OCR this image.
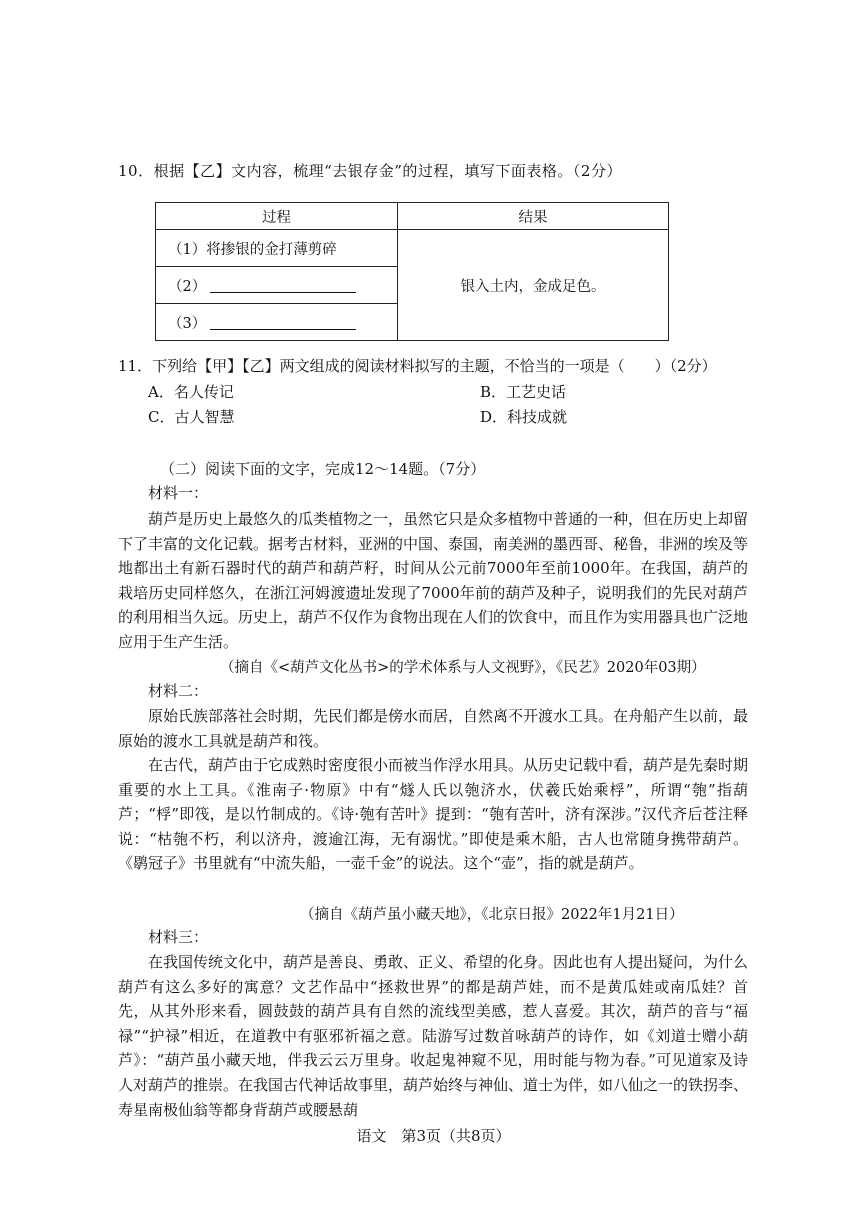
10．根据【乙】文内容，梳理“去银存金”的过程，填写下面表格。（2分）
过程	结果
（1）将掺银的金打薄剪碎	银入土内，金成足色。
（2）	
（3）	
11．下列给【甲】【乙】两文组成的阅读材料拟写的主题，不恰当的一项是（　　）（2分）
A．名人传记	B．工艺史话
C．古人智慧	D．科技成就
（二）阅读下面的文字，完成12～14题。（7分）
材料一：
葫芦是历史上最悠久的瓜类植物之一，虽然它只是众多植物中普通的一种，但在历史上却留下了丰富的文化记载。据考古材料，亚洲的中国、泰国，南美洲的墨西哥、秘鲁，非洲的埃及等地都出土有新石器时代的葫芦和葫芦籽，时间从公元前7000年至前1000年。在我国，葫芦的栽培历史同样悠久，在浙江河姆渡遗址发现了7000年前的葫芦及种子，说明我们的先民对葫芦的利用相当久远。历史上，葫芦不仅作为食物出现在人们的饮食中，而且作为实用器具也广泛地应用于生产生活。
（摘自《<葫芦文化丛书>的学术体系与人文视野》，《民艺》2020年03期）
材料二：
原始氏族部落社会时期，先民们都是傍水而居，自然离不开渡水工具。在舟船产生以前，最原始的渡水工具就是葫芦和筏。
在古代，葫芦由于它成熟时密度很小而被当作浮水用具。从历史记载中看，葫芦是先秦时期重要的水上工具。《淮南子·物原》中有“燧人氏以匏济水，伏羲氏始乘桴”，所谓“匏”指葫芦；“桴”即筏，是以竹制成的。《诗·匏有苦叶》提到：“匏有苦叶，济有深涉。”汉代齐后苍注释说：“枯匏不朽，利以济舟，渡逾江海，无有溺忧。”即使是乘木船，古人也常随身携带葫芦。《鹖冠子》书里就有“中流失船，一壶千金”的说法。这个“壶”，指的就是葫芦。
（摘自《葫芦虽小藏天地》，《北京日报》2022年1月21日）
材料三：
在我国传统文化中，葫芦是善良、勇敢、正义、希望的化身。因此也有人提出疑问，为什么葫芦有这么多好的寓意？文艺作品中“拯救世界”的都是葫芦娃，而不是黄瓜娃或南瓜娃？首先，从其外形来看，圆鼓鼓的葫芦具有自然的流线型美感，惹人喜爱。其次，葫芦的音与“福禄”“护禄”相近，在道教中有驱邪祈福之意。陆游写过数首咏葫芦的诗作，如《刘道士赠小葫芦》：“葫芦虽小藏天地，伴我云云万里身。收起鬼神窥不见，用时能与物为春。”可见道家及诗人对葫芦的推崇。在我国古代神话故事里，葫芦始终与神仙、道士为伴，如八仙之一的铁拐李、寿星南极仙翁等都身背葫芦或腰悬葫
语文　第3页（共8页）
